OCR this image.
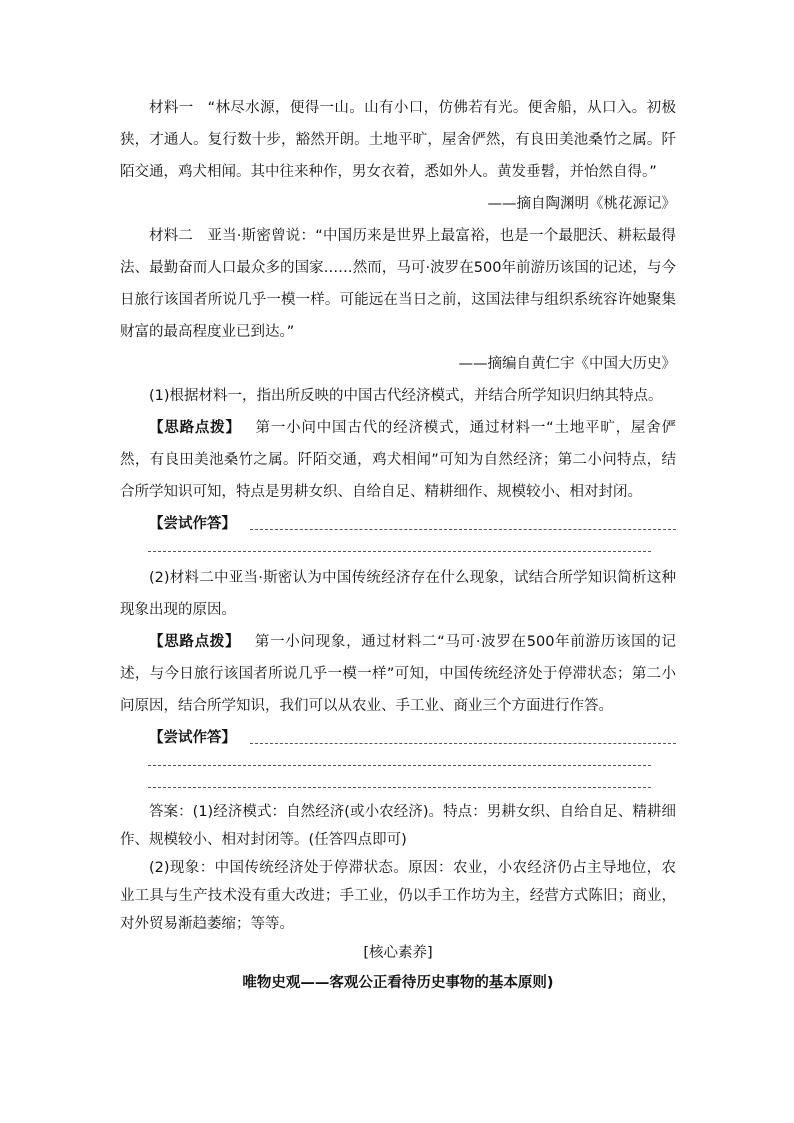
材料一 “林尽水源，便得一山。山有小口，仿佛若有光。便舍船，从口入。初极狭，才通人。复行数十步，豁然开朗。土地平旷，屋舍俨然，有良田美池桑竹之属。阡陌交通，鸡犬相闻。其中往来种作，男女衣着，悉如外人。黄发垂髫，并怡然自得。”

——摘自陶渊明《桃花源记》

材料二 亚当·斯密曾说：“中国历来是世界上最富裕，也是一个最肥沃、耕耘最得法、最勤奋而人口最众多的国家……然而，马可·波罗在500年前游历该国的记述，与今日旅行该国者所说几乎一模一样。可能远在当日之前，这国法律与组织系统容许她聚集财富的最高程度业已到达。”

——摘编自黄仁宇《中国大历史》

(1)根据材料一，指出所反映的中国古代经济模式，并结合所学知识归纳其特点。

【思路点拨】 第一小问中国古代的经济模式，通过材料一“土地平旷，屋舍俨然，有良田美池桑竹之属。阡陌交通，鸡犬相闻”可知为自然经济；第二小问特点，结合所学知识可知，特点是男耕女织、自给自足、精耕细作、规模较小、相对封闭。

【尝试作答】

(2)材料二中亚当·斯密认为中国传统经济存在什么现象，试结合所学知识简析这种现象出现的原因。

【思路点拨】 第一小问现象，通过材料二“马可·波罗在500年前游历该国的记述，与今日旅行该国者所说几乎一模一样”可知，中国传统经济处于停滞状态；第二小问原因，结合所学知识，我们可以从农业、手工业、商业三个方面进行作答。

【尝试作答】

答案：(1)经济模式：自然经济(或小农经济)。特点：男耕女织、自给自足、精耕细作、规模较小、相对封闭等。(任答四点即可)

(2)现象：中国传统经济处于停滞状态。原因：农业，小农经济仍占主导地位，农业工具与生产技术没有重大改进；手工业，仍以手工作坊为主，经营方式陈旧；商业，对外贸易渐趋萎缩；等等。

[核心素养]

唯物史观——客观公正看待历史事物的基本原则)
